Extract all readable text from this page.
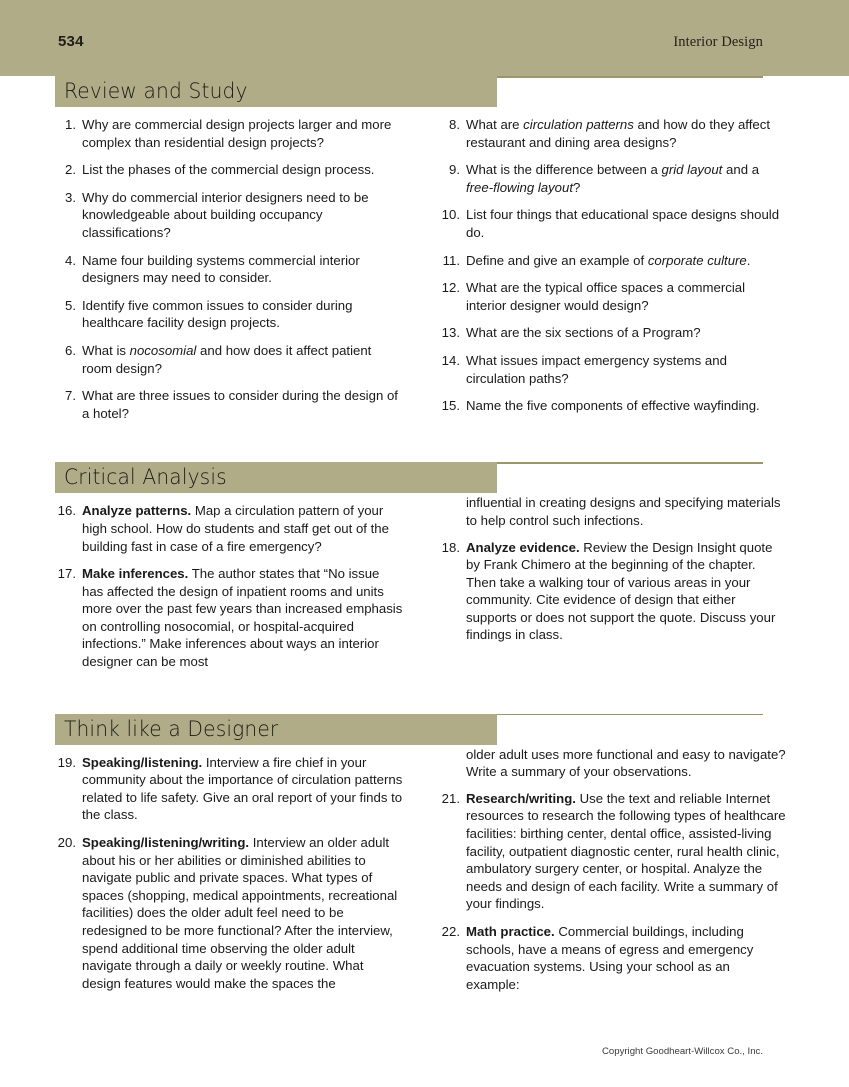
534	Interior Design
Review and Study
1. Why are commercial design projects larger and more complex than residential design projects?
2. List the phases of the commercial design process.
3. Why do commercial interior designers need to be knowledgeable about building occupancy classifications?
4. Name four building systems commercial interior designers may need to consider.
5. Identify five common issues to consider during healthcare facility design projects.
6. What is nocosomial and how does it affect patient room design?
7. What are three issues to consider during the design of a hotel?
8. What are circulation patterns and how do they affect restaurant and dining area designs?
9. What is the difference between a grid layout and a free-flowing layout?
10. List four things that educational space designs should do.
11. Define and give an example of corporate culture.
12. What are the typical office spaces a commercial interior designer would design?
13. What are the six sections of a Program?
14. What issues impact emergency systems and circulation paths?
15. Name the five components of effective wayfinding.
Critical Analysis
16. Analyze patterns. Map a circulation pattern of your high school. How do students and staff get out of the building fast in case of a fire emergency?
17. Make inferences. The author states that “No issue has affected the design of inpatient rooms and units more over the past few years than increased emphasis on controlling nosocomial, or hospital-acquired infections.” Make inferences about ways an interior designer can be most
influential in creating designs and specifying materials to help control such infections.
18. Analyze evidence. Review the Design Insight quote by Frank Chimero at the beginning of the chapter. Then take a walking tour of various areas in your community. Cite evidence of design that either supports or does not support the quote. Discuss your findings in class.
Think like a Designer
19. Speaking/listening. Interview a fire chief in your community about the importance of circulation patterns related to life safety. Give an oral report of your finds to the class.
20. Speaking/listening/writing. Interview an older adult about his or her abilities or diminished abilities to navigate public and private spaces. What types of spaces (shopping, medical appointments, recreational facilities) does the older adult feel need to be redesigned to be more functional? After the interview, spend additional time observing the older adult navigate through a daily or weekly routine. What design features would make the spaces the
older adult uses more functional and easy to navigate? Write a summary of your observations.
21. Research/writing. Use the text and reliable Internet resources to research the following types of healthcare facilities: birthing center, dental office, assisted-living facility, outpatient diagnostic center, rural health clinic, ambulatory surgery center, or hospital. Analyze the needs and design of each facility. Write a summary of your findings.
22. Math practice. Commercial buildings, including schools, have a means of egress and emergency evacuation systems. Using your school as an example:
Copyright Goodheart-Willcox Co., Inc.
